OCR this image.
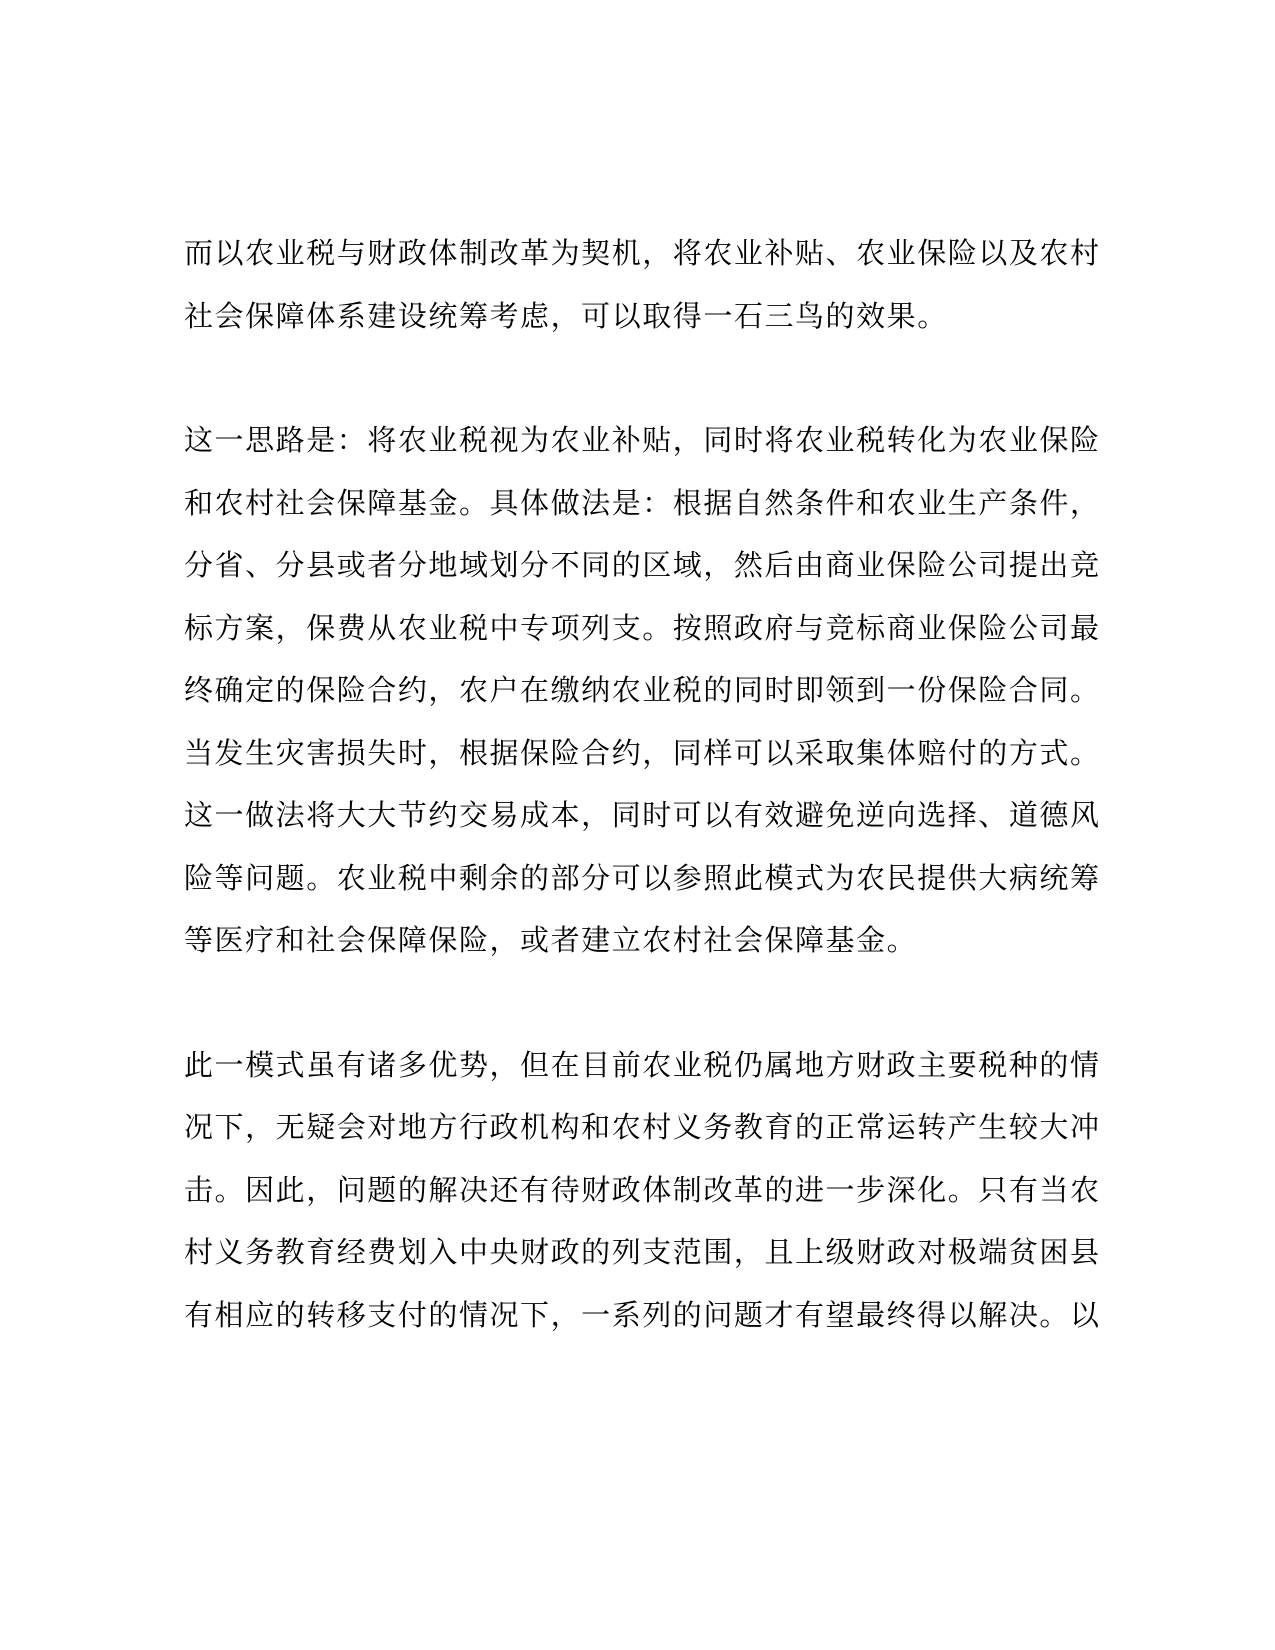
而以农业税与财政体制改革为契机，将农业补贴、农业保险以及农村
社会保障体系建设统筹考虑，可以取得一石三鸟的效果。

这一思路是：将农业税视为农业补贴，同时将农业税转化为农业保险
和农村社会保障基金。具体做法是：根据自然条件和农业生产条件，
分省、分县或者分地域划分不同的区域，然后由商业保险公司提出竞
标方案，保费从农业税中专项列支。按照政府与竞标商业保险公司最
终确定的保险合约，农户在缴纳农业税的同时即领到一份保险合同。
当发生灾害损失时，根据保险合约，同样可以采取集体赔付的方式。
这一做法将大大节约交易成本，同时可以有效避免逆向选择、道德风
险等问题。农业税中剩余的部分可以参照此模式为农民提供大病统筹
等医疗和社会保障保险，或者建立农村社会保障基金。

此一模式虽有诸多优势，但在目前农业税仍属地方财政主要税种的情
况下，无疑会对地方行政机构和农村义务教育的正常运转产生较大冲
击。因此，问题的解决还有待财政体制改革的进一步深化。只有当农
村义务教育经费划入中央财政的列支范围，且上级财政对极端贫困县
有相应的转移支付的情况下，一系列的问题才有望最终得以解决。以
